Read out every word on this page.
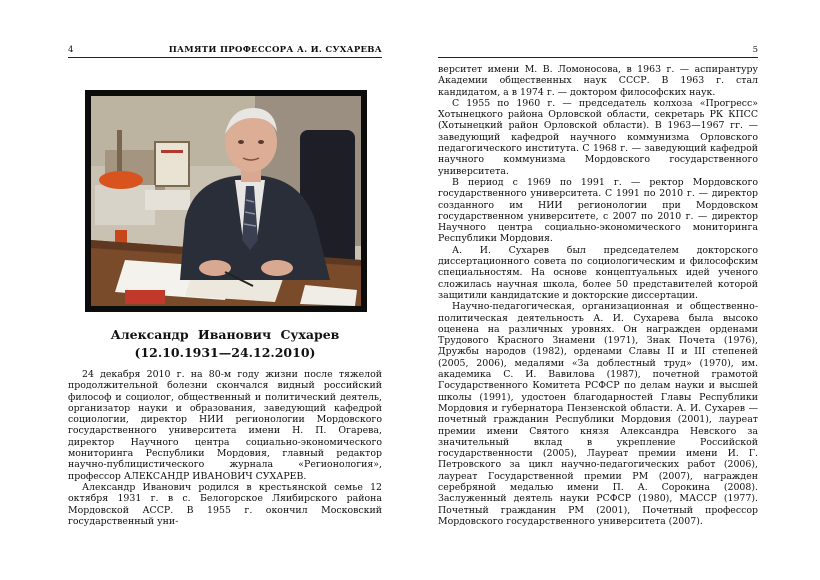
4	ПАМЯТИ ПРОФЕССОРА А. И. СУХАРЕВА
Александр Иванович Сухарев
(12.10.1931—24.12.2010)

24 декабря 2010 г. на 80-м году жизни после тяжелой продолжительной болезни скончался видный российский философ и социолог, общественный и политический деятель, организатор науки и образования, заведующий кафедрой социологии, директор НИИ регионологии Мордовского государственного университета имени Н. П. Огарева, директор Научного центра социально-экономического мониторинга Республики Мордовия, главный редактор научно-публицистического журнала «Регионология», профессор АЛЕКСАНДР ИВАНОВИЧ СУХАРЕВ.

Александр Иванович родился в крестьянской семье 12 октября 1931 г. в с. Белогорское Ляибирского района Мордовской АССР. В 1955 г. окончил Московский государственный уни-

5

верситет имени М. В. Ломоносова, в 1963 г. — аспирантуру Академии общественных наук СССР. В 1963 г. стал кандидатом, а в 1974 г. — доктором философских наук.

С 1955 по 1960 г. — председатель колхоза «Прогресс» Хотынецкого района Орловской области, секретарь РК КПСС (Хотынецкий район Орловской области). В 1963—1967 гг. — заведующий кафедрой научного коммунизма Орловского педагогического института. С 1968 г. — заведующий кафедрой научного коммунизма Мордовского государственного университета.

В период с 1969 по 1991 г. — ректор Мордовского государственного университета. С 1991 по 2010 г. — директор созданного им НИИ регионологии при Мордовском государственном университете, с 2007 по 2010 г. — директор Научного центра социально-экономического мониторинга Республики Мордовия.

А. И. Сухарев был председателем докторского диссертационного совета по социологическим и философским специальностям. На основе концептуальных идей ученого сложилась научная школа, более 50 представителей которой защитили кандидатские и докторские диссертации.

Научно-педагогическая, организационная и общественно-политическая деятельность А. И. Сухарева была высоко оценена на различных уровнях. Он награжден орденами Трудового Красного Знамени (1971), Знак Почета (1976), Дружбы народов (1982), орденами Славы II и III степеней (2005, 2006), медалями «За доблестный труд» (1970), им. академика С. И. Вавилова (1987), почетной грамотой Государственного Комитета РСФСР по делам науки и высшей школы (1991), удостоен благодарностей Главы Республики Мордовия и губернатора Пензенской области. А. И. Сухарев — почетный гражданин Республики Мордовия (2001), лауреат премии имени Святого князя Александра Невского за значительный вклад в укрепление Российской государственности (2005), Лауреат премии имени И. Г. Петровского за цикл научно-педагогических работ (2006), лауреат Государственной премии РМ (2007), награжден серебряной медалью имени П. А. Сорокина (2008). Заслуженный деятель науки РСФСР (1980), МАССР (1977). Почетный гражданин РМ (2001), Почетный профессор Мордовского государственного университета (2007).
